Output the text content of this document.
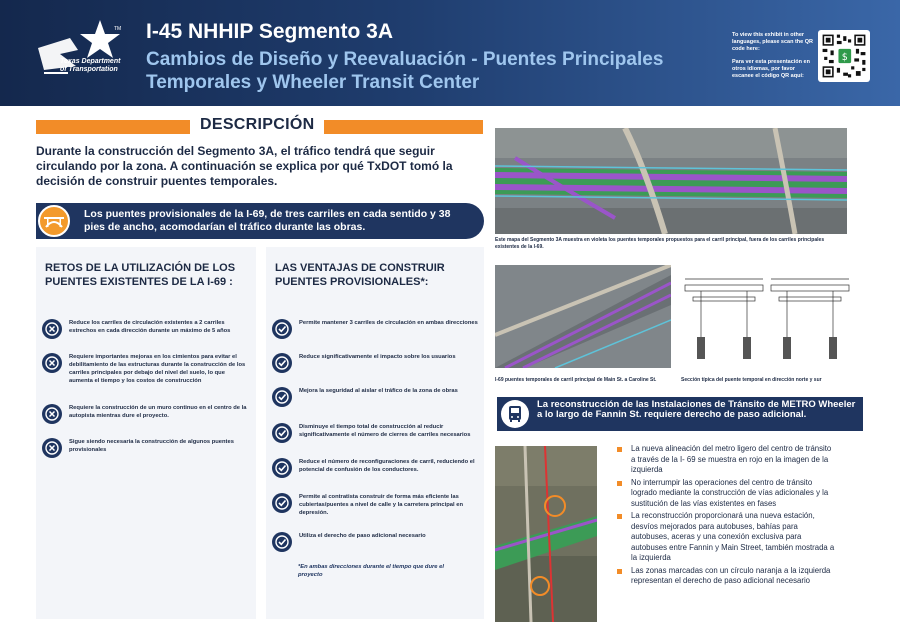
Texas Department of Transportation
TM I-45 NHHIP Segmento 3A
Cambios de Diseño y Reevaluación - Puentes Principales Temporales y Wheeler Transit Center

To view this exhibit in other languages, please scan the QR code here:

Para ver esta presentación en otros idiomas, por favor escanee el código QR aquí:

$
DESCRIPCIÓN
Durante la construcción del Segmento 3A, el tráfico tendrá que seguir circulando por la zona. A continuación se explica por qué TxDOT tomó la decisión de construir puentes temporales.
Los puentes provisionales de la I-69, de tres carriles en cada sentido y 38 pies de ancho, acomodarían el tráfico durante las obras.
RETOS DE LA UTILIZACIÓN DE LOS PUENTES EXISTENTES DE LA I-69 :
Reduce los carriles de circulación existentes a 2 carriles estrechos en cada dirección durante un máximo de 5 años
Requiere importantes mejoras en los cimientos para evitar el debilitamiento de las estructuras durante la construcción de los carriles principales por debajo del nivel del suelo, lo que aumenta el tiempo y los costos de construcción
Requiere la construcción de un muro continuo en el centro de la autopista mientras dure el proyecto.
Sigue siendo necesaria la construcción de algunos puentes provisionales
LAS VENTAJAS DE CONSTRUIR PUENTES PROVISIONALES*:
Permite mantener 3 carriles de circulación en ambas direcciones
Reduce significativamente el impacto sobre los usuarios
Mejora la seguridad al aislar el tráfico de la zona de obras
Disminuye el tiempo total de construcción al reducir significativamente el número de cierres de carriles necesarios
Reduce el número de reconfiguraciones de carril, reduciendo el potencial de confusión de los conductores.
Permite al contratista construir de forma más eficiente las cubiertas/puentes a nivel de calle y la carretera principal en depresión.
Utiliza el derecho de paso adicional necesario
*En ambas direcciones durante el tiempo que dure el proyecto
Este mapa del Segmento 3A muestra en violeta los puentes temporales propuestos para el carril principal, fuera de los carriles principales existentes de la I-69.
I-69 puentes temporales de carril principal de Main St. a Caroline St.	Sección típica del puente temporal en dirección norte y sur
La reconstrucción de las Instalaciones de Tránsito de METRO Wheeler a lo largo de Fannin St. requiere derecho de paso adicional.
La nueva alineación del metro ligero del centro de tránsito a través de la I- 69 se muestra en rojo en la imagen de la izquierda
No interrumpir las operaciones del centro de tránsito logrado mediante la construcción de vías adicionales y la sustitución de las vías existentes en fases
La reconstrucción proporcionará una nueva estación, desvíos mejorados para autobuses, bahías para autobuses, aceras y una conexión exclusiva para autobuses entre Fannin y Main Street, también mostrada a la izquierda
Las zonas marcadas con un círculo naranja a la izquierda representan el derecho de paso adicional necesario
